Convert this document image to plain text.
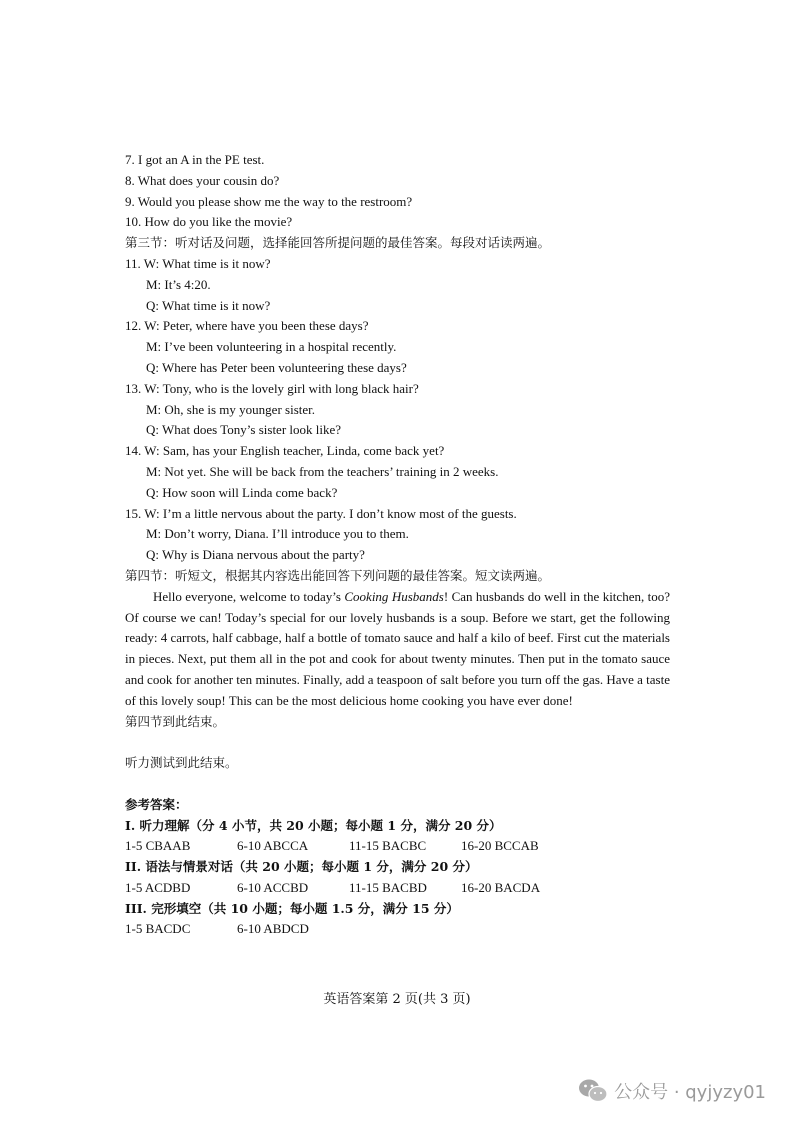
7. I got an A in the PE test.
8. What does your cousin do?
9. Would you please show me the way to the restroom?
10. How do you like the movie?
第三节：听对话及问题，选择能回答所提问题的最佳答案。每段对话读两遍。
11. W: What time is it now?
M: It’s 4:20.
Q: What time is it now?
12. W: Peter, where have you been these days?
M: I’ve been volunteering in a hospital recently.
Q: Where has Peter been volunteering these days?
13. W: Tony, who is the lovely girl with long black hair?
M: Oh, she is my younger sister.
Q: What does Tony’s sister look like?
14. W: Sam, has your English teacher, Linda, come back yet?
M: Not yet. She will be back from the teachers’ training in 2 weeks.
Q: How soon will Linda come back?
15. W: I’m a little nervous about the party. I don’t know most of the guests.
M: Don’t worry, Diana. I’ll introduce you to them.
Q: Why is Diana nervous about the party?
第四节：听短文，根据其内容选出能回答下列问题的最佳答案。短文读两遍。
Hello everyone, welcome to today’s Cooking Husbands! Can husbands do well in the kitchen, too? Of course we can! Today’s special for our lovely husbands is a soup. Before we start, get the following ready: 4 carrots, half cabbage, half a bottle of tomato sauce and half a kilo of beef. First cut the materials in pieces. Next, put them all in the pot and cook for about twenty minutes. Then put in the tomato sauce and cook for another ten minutes. Finally, add a teaspoon of salt before you turn off the gas. Have a taste of this lovely soup! This can be the most delicious home cooking you have ever done!
第四节到此结束。
听力测试到此结束。
参考答案：
I. 听力理解（分 4 小节，共 20 小题；每小题 1 分，满分 20 分）
1-5 CBAAB	6-10 ABCCA	11-15 BACBC	16-20 BCCAB
II. 语法与情景对话（共 20 小题；每小题 1 分，满分 20 分）
1-5 ACDBD	6-10 ACCBD	11-15 BACBD	16-20 BACDA
III. 完形填空（共 10 小题；每小题 1.5 分，满分 15 分）
1-5 BACDC	6-10 ABDCD
英语答案第 2 页(共 3 页)
公众号 · qyjyzy01
